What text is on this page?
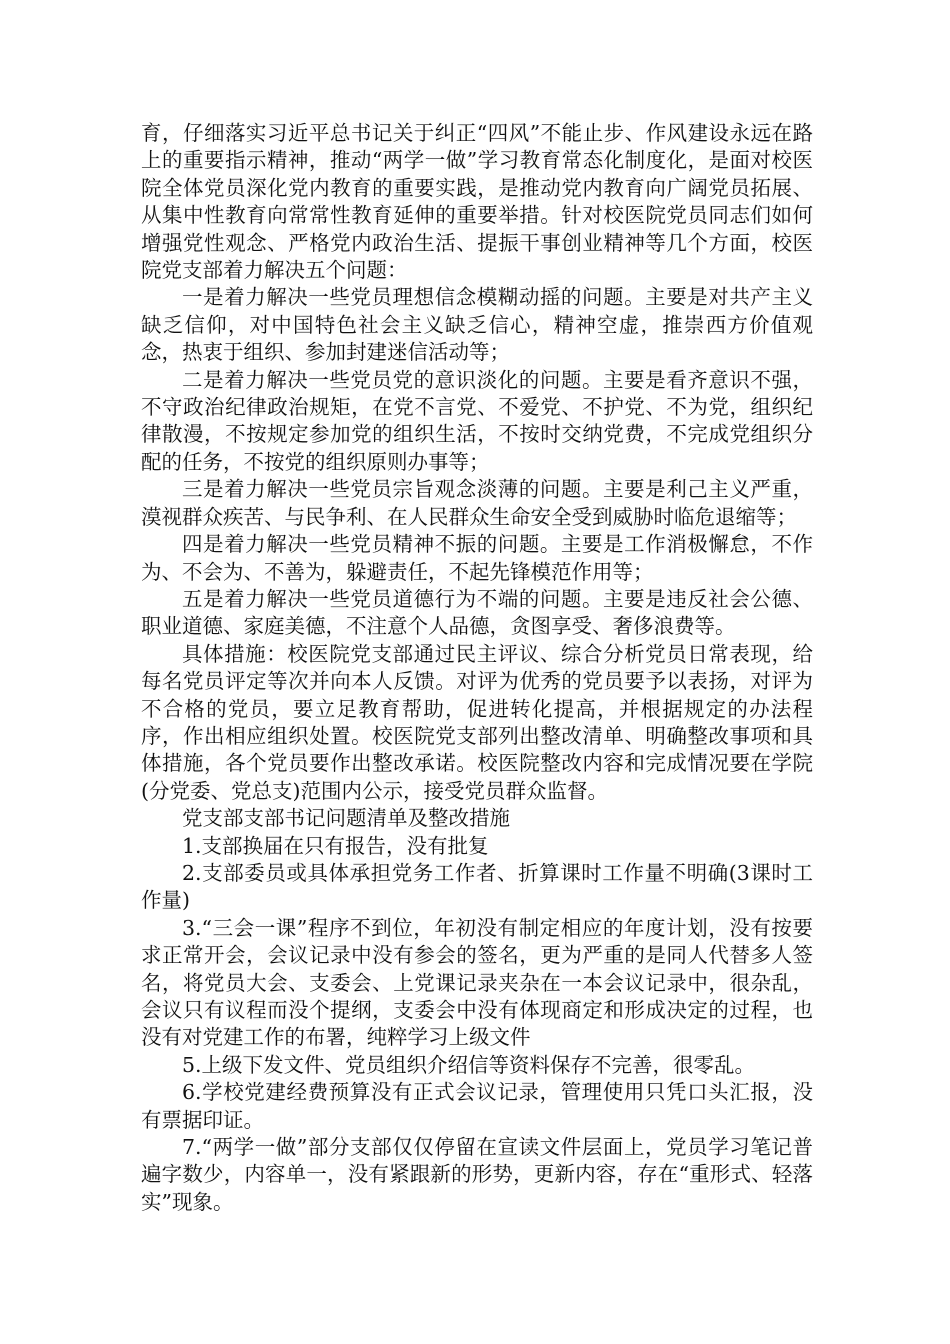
育，仔细落实习近平总书记关于纠正“四风”不能止步、作风建设永远在路上的重要指示精神，推动“两学一做”学习教育常态化制度化，是面对校医院全体党员深化党内教育的重要实践，是推动党内教育向广阔党员拓展、从集中性教育向常常性教育延伸的重要举措。针对校医院党员同志们如何增强党性观念、严格党内政治生活、提振干事创业精神等几个方面，校医院党支部着力解决五个问题：

一是着力解决一些党员理想信念模糊动摇的问题。主要是对共产主义缺乏信仰，对中国特色社会主义缺乏信心，精神空虚，推崇西方价值观念，热衷于组织、参加封建迷信活动等；

二是着力解决一些党员党的意识淡化的问题。主要是看齐意识不强，不守政治纪律政治规矩，在党不言党、不爱党、不护党、不为党，组织纪律散漫，不按规定参加党的组织生活，不按时交纳党费，不完成党组织分配的任务，不按党的组织原则办事等；

三是着力解决一些党员宗旨观念淡薄的问题。主要是利己主义严重，漠视群众疾苦、与民争利、在人民群众生命安全受到威胁时临危退缩等；

四是着力解决一些党员精神不振的问题。主要是工作消极懈怠，不作为、不会为、不善为，躲避责任，不起先锋模范作用等；

五是着力解决一些党员道德行为不端的问题。主要是违反社会公德、职业道德、家庭美德，不注意个人品德，贪图享受、奢侈浪费等。

具体措施：校医院党支部通过民主评议、综合分析党员日常表现，给每名党员评定等次并向本人反馈。对评为优秀的党员要予以表扬，对评为不合格的党员，要立足教育帮助，促进转化提高，并根据规定的办法程序，作出相应组织处置。校医院党支部列出整改清单、明确整改事项和具体措施，各个党员要作出整改承诺。校医院整改内容和完成情况要在学院(分党委、党总支)范围内公示，接受党员群众监督。

党支部支部书记问题清单及整改措施

1.支部换届在只有报告，没有批复

2.支部委员或具体承担党务工作者、折算课时工作量不明确(3课时工作量)

3.“三会一课”程序不到位，年初没有制定相应的年度计划，没有按要求正常开会，会议记录中没有参会的签名，更为严重的是同人代替多人签名，将党员大会、支委会、上党课记录夹杂在一本会议记录中，很杂乱，会议只有议程而没个提纲，支委会中没有体现商定和形成决定的过程，也没有对党建工作的布署，纯粹学习上级文件

5.上级下发文件、党员组织介绍信等资料保存不完善，很零乱。

6.学校党建经费预算没有正式会议记录，管理使用只凭口头汇报，没有票据印证。

7.“两学一做”部分支部仅仅停留在宣读文件层面上，党员学习笔记普遍字数少，内容单一，没有紧跟新的形势，更新内容，存在“重形式、轻落实”现象。
